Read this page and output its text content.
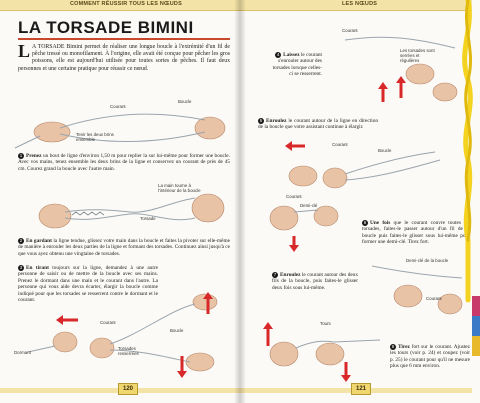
COMMENT RÉUSSIR TOUS LES NŒUDS
LA TORSADE BIMINI
L A TORSADE Bimini permet de réaliser une longue boucle à l'extrémité d'un fil de pêche tressé ou monofilament. À l'origine, elle avait été conçue pour pêcher les gros poissons, elle est aujourd'hui utilisée pour toutes sortes de pêches. Il faut deux personnes et une certaine pratique pour réussir ce nœud.
Boucle
Courant
Tenir les deux brins ensemble
1 Prenez un bout de ligne d'environ 1,50 m pour replier la sur lui-même pour former une boucle. Avec vos mains, tenez ensemble les deux brins de la ligne et conservez un courant de près de 45 cm. Courez grand la boucle avec l'autre main.
La main tourne à l'intérieur de la boucle
Torsade
2 En gardant la ligne tendue, glissez votre main dans la boucle et faites la pivoter sur elle-même de manière à enrouler les deux parties de la ligne et formant des torsades. Continuez ainsi jusqu'à ce que vous ayez obtenu une vingtaine de torsades.
3 En tirant toujours sur la ligne, demandez à une autre personne de saisir ou de mettre de la boucle avec ses mains. Prenez le dormant dans une main et le courant dans l'autre. La personne qui vous aide devra écarter, élargir la boucle comme indiqué pour que les torsades se resserrent contre le dormant et le courant.
Courant
Boucle
Torsades resserrées
Dormant
120
LES NŒUDS
4 Laissez le courant s'enrouler autour des torsades lorsque celles-ci se resserrent.
Courant
Les torsades sont serrées et régulières
5 Enroulez le courant autour de la ligne en direction de la boucle que votre assistant continue à élargir.
Courant
Boucle
Courant
Demi-clé
6 Une fois que le courant couvre toutes les torsades, faites-le passer autour d'un fil de la boucle puis faites-le glisser sous lui-même pour former une demi-clé. Tirez fort.
7 Enroulez le courant autour des deux fils de la boucle, puis faites-le glisser deux fois sous lui-même.
Demi-clé de la boucle
Courant
Tours
8 Tirez fort sur le courant. Ajustez les tours (voir p. 24) et coupez (voir p. 25) le courant pour qu'il ne mesure plus que 6 mm environ.
121
